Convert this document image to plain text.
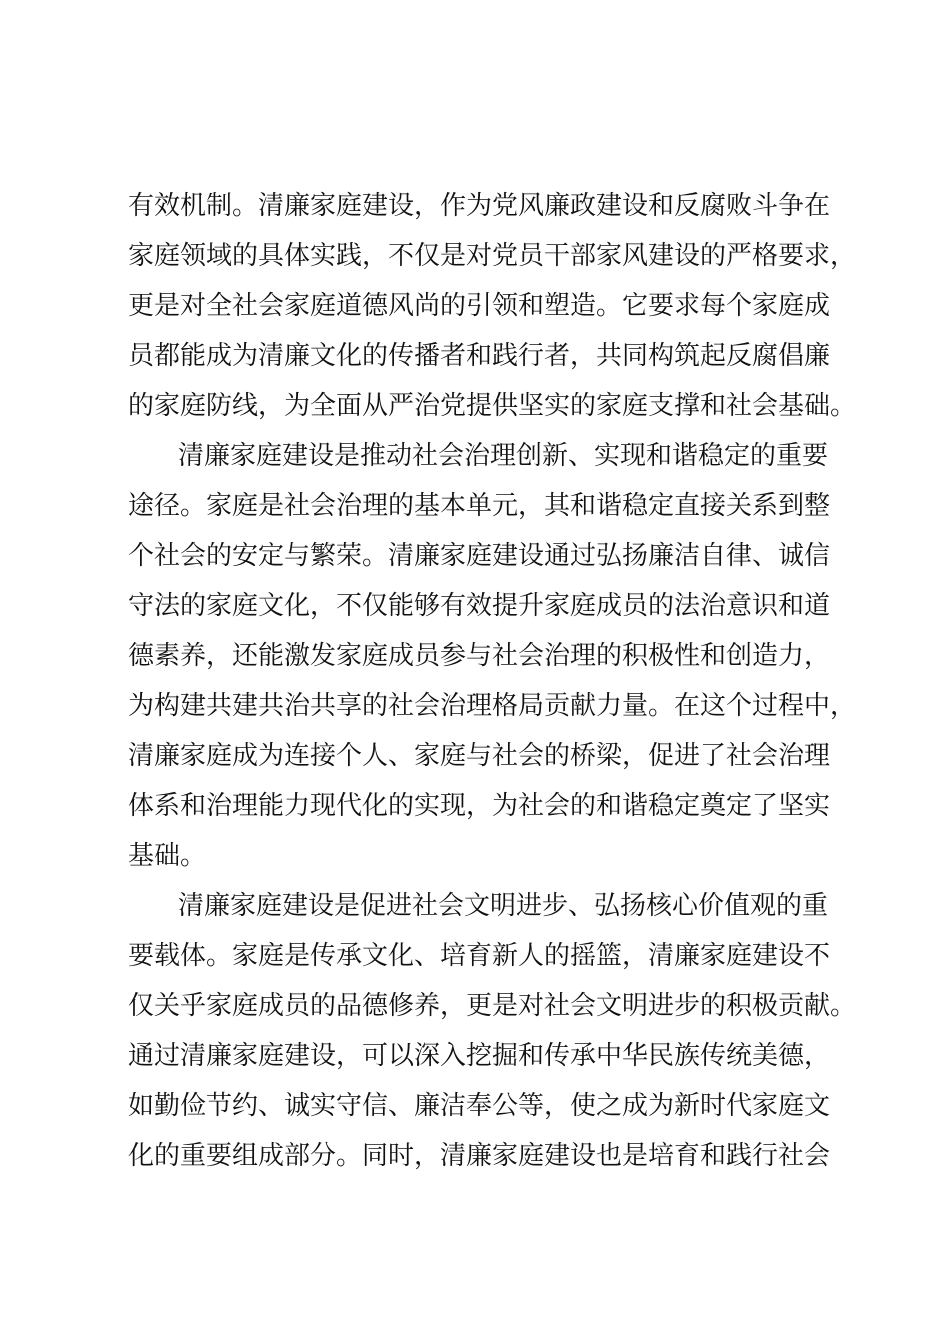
有效机制。清廉家庭建设，作为党风廉政建设和反腐败斗争在
家庭领域的具体实践，不仅是对党员干部家风建设的严格要求，
更是对全社会家庭道德风尚的引领和塑造。它要求每个家庭成
员都能成为清廉文化的传播者和践行者，共同构筑起反腐倡廉
的家庭防线，为全面从严治党提供坚实的家庭支撑和社会基础。
清廉家庭建设是推动社会治理创新、实现和谐稳定的重要
途径。家庭是社会治理的基本单元，其和谐稳定直接关系到整
个社会的安定与繁荣。清廉家庭建设通过弘扬廉洁自律、诚信
守法的家庭文化，不仅能够有效提升家庭成员的法治意识和道
德素养，还能激发家庭成员参与社会治理的积极性和创造力，
为构建共建共治共享的社会治理格局贡献力量。在这个过程中，
清廉家庭成为连接个人、家庭与社会的桥梁，促进了社会治理
体系和治理能力现代化的实现，为社会的和谐稳定奠定了坚实
基础。
清廉家庭建设是促进社会文明进步、弘扬核心价值观的重
要载体。家庭是传承文化、培育新人的摇篮，清廉家庭建设不
仅关乎家庭成员的品德修养，更是对社会文明进步的积极贡献。
通过清廉家庭建设，可以深入挖掘和传承中华民族传统美德，
如勤俭节约、诚实守信、廉洁奉公等，使之成为新时代家庭文
化的重要组成部分。同时，清廉家庭建设也是培育和践行社会
